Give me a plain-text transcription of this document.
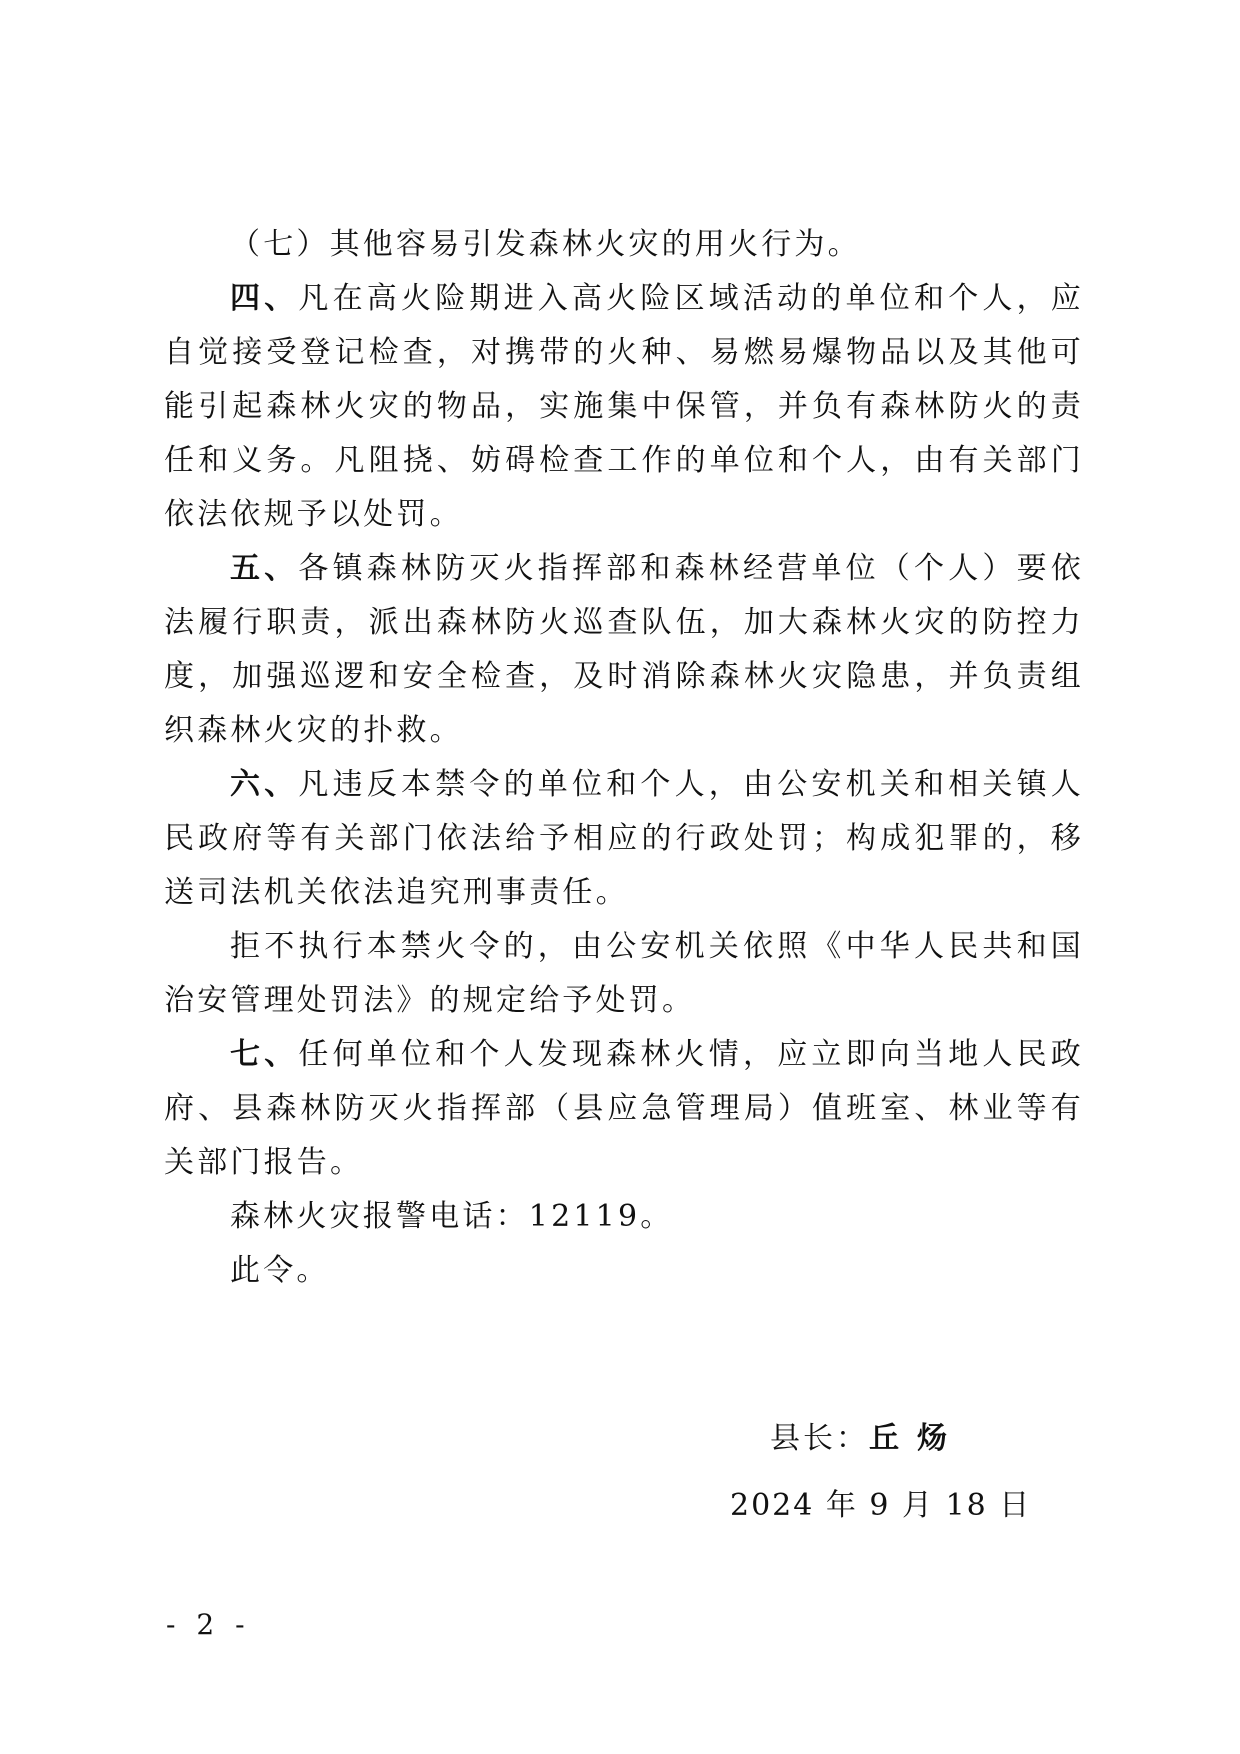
（七）其他容易引发森林火灾的用火行为。

四、凡在高火险期进入高火险区域活动的单位和个人，应自觉接受登记检查，对携带的火种、易燃易爆物品以及其他可能引起森林火灾的物品，实施集中保管，并负有森林防火的责任和义务。凡阻挠、妨碍检查工作的单位和个人，由有关部门依法依规予以处罚。

五、各镇森林防灭火指挥部和森林经营单位（个人）要依法履行职责，派出森林防火巡查队伍，加大森林火灾的防控力度，加强巡逻和安全检查，及时消除森林火灾隐患，并负责组织森林火灾的扑救。

六、凡违反本禁令的单位和个人，由公安机关和相关镇人民政府等有关部门依法给予相应的行政处罚；构成犯罪的，移送司法机关依法追究刑事责任。

拒不执行本禁火令的，由公安机关依照《中华人民共和国治安管理处罚法》的规定给予处罚。

七、任何单位和个人发现森林火情，应立即向当地人民政府、县森林防灭火指挥部（县应急管理局）值班室、林业等有关部门报告。

森林火灾报警电话：12119。

此令。

县长：丘炀
2024 年 9 月 18 日
- 2 -
